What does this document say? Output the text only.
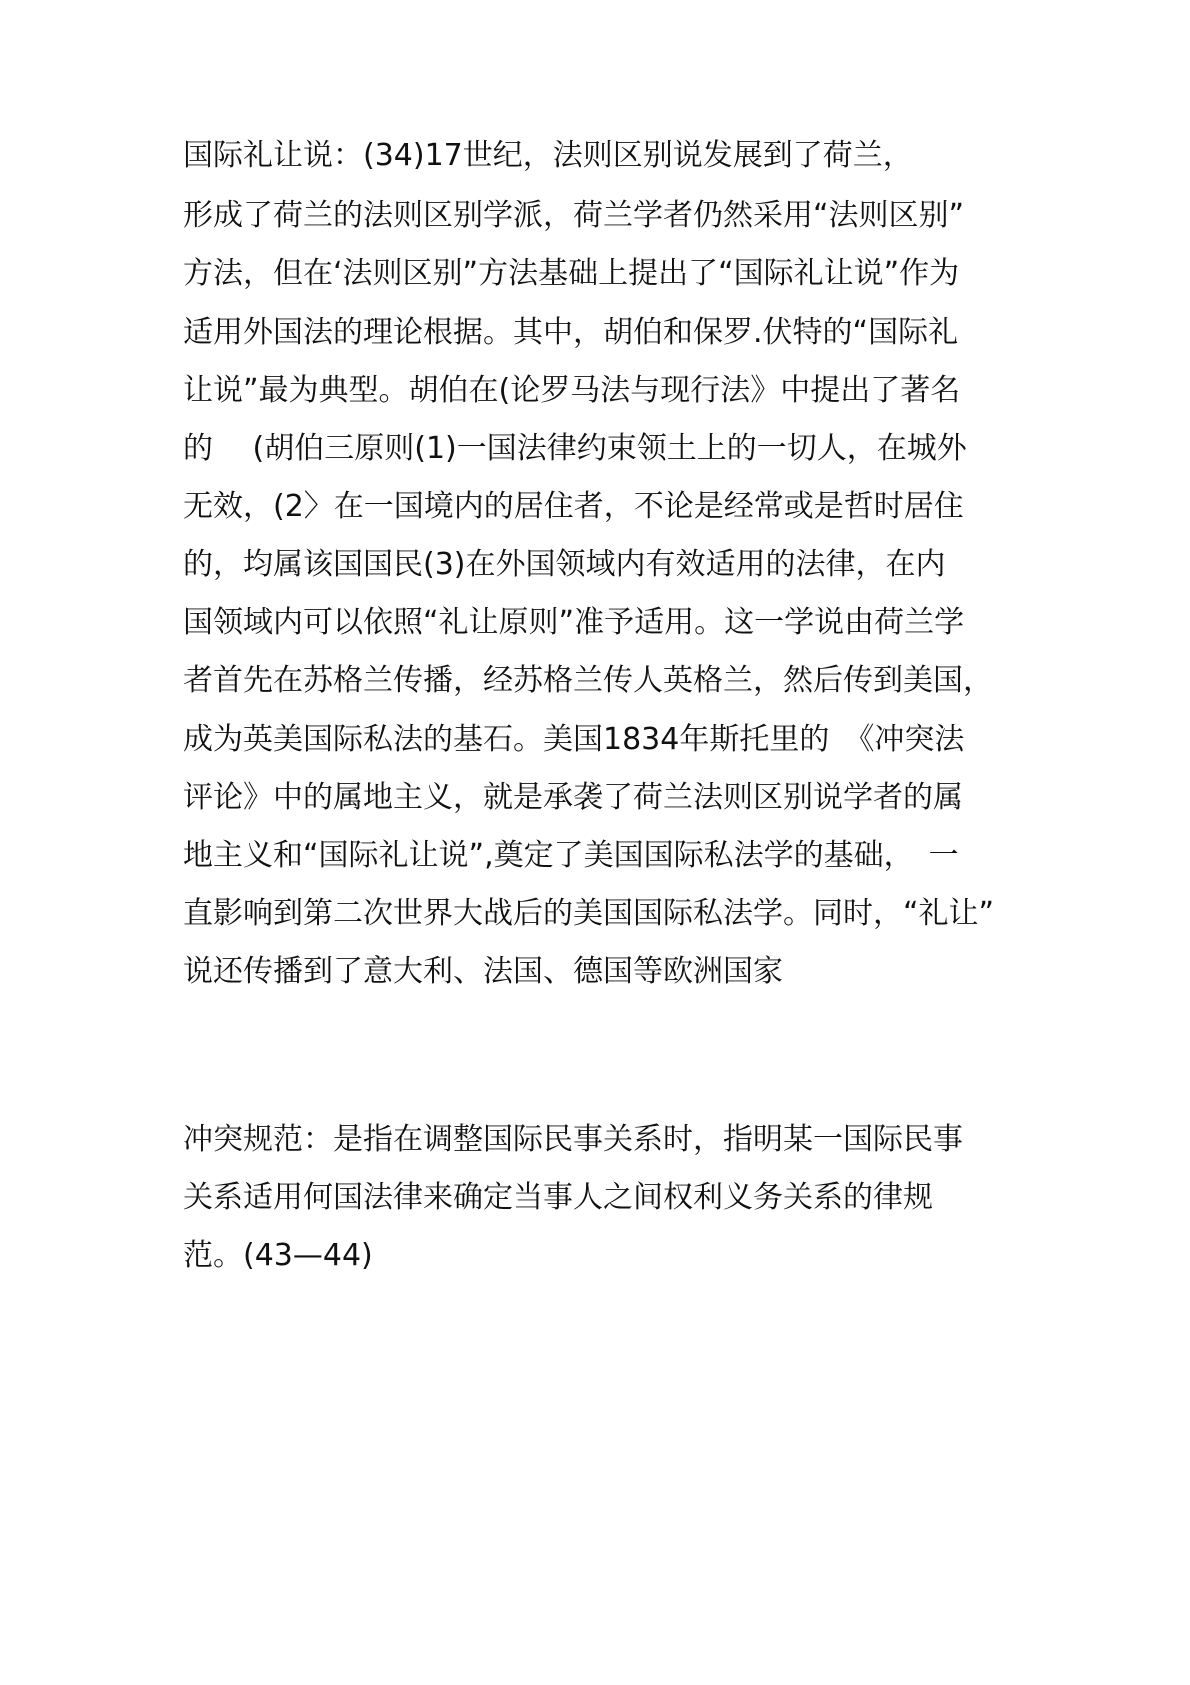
国际礼让说：(34)17世纪，法则区别说发展到了荷兰，
形成了荷兰的法则区别学派，荷兰学者仍然采用“法则区别”
方法，但在‘法则区别”方法基础上提出了“国际礼让说”作为
适用外国法的理论根据。其中，胡伯和保罗.伏特的“国际礼
让说”最为典型。胡伯在(论罗马法与现行法》中提出了著名
的　 (胡伯三原则(1)一国法律约束领土上的一切人，在城外
无效，(2〉在一国境内的居住者，不论是经常或是哲时居住
的，均属该国国民(3)在外国领域内有效适用的法律，在内
国领域内可以依照“礼让原则”准予适用。这一学说由荷兰学
者首先在苏格兰传播，经苏格兰传人英格兰，然后传到美国，
成为英美国际私法的基石。美国1834年斯托里的　《冲突法
评论》中的属地主义，就是承袭了荷兰法则区别说学者的属
地主义和“国际礼让说”,奠定了美国国际私法学的基础，　一
直影响到第二次世界大战后的美国国际私法学。同时，“礼让”
说还传播到了意大利、法国、德国等欧洲国家
冲突规范：是指在调整国际民事关系时，指明某一国际民事
关系适用何国法律来确定当事人之间权利义务关系的律规
范。(43—44)
